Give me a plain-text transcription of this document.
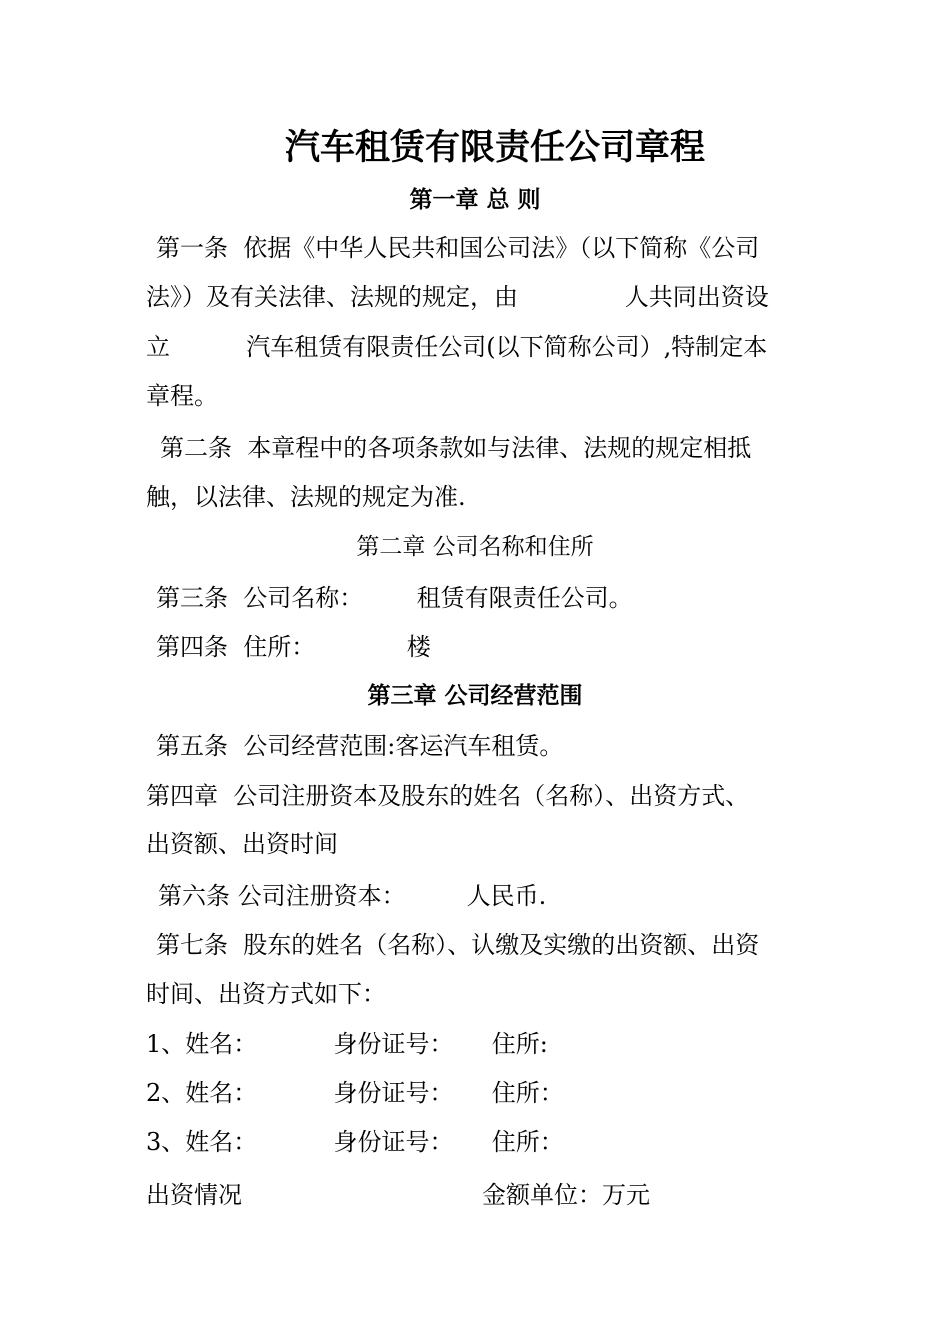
汽车租赁有限责任公司章程
第一章 总 则

第一条  依据《中华人民共和国公司法》（以下简称《公司

法》）及有关法律、法规的规定，由              人共同出资设

立          汽车租赁有限责任公司(以下简称公司）,特制定本

章程。

第二条  本章程中的各项条款如与法律、法规的规定相抵

触，以法律、法规的规定为准.

第二章 公司名称和住所

第三条  公司名称：       租赁有限责任公司。

第四条  住所：            楼

第三章 公司经营范围

第五条  公司经营范围:客运汽车租赁。

第四章  公司注册资本及股东的姓名（名称）、出资方式、

出资额、出资时间

第六条 公司注册资本：        人民币.

第七条  股东的姓名（名称）、认缴及实缴的出资额、出资

时间、出资方式如下：

1、姓名：          身份证号：     住所:

2、姓名：          身份证号：     住所：

3、姓名：          身份证号：     住所：

出资情况	金额单位：万元
